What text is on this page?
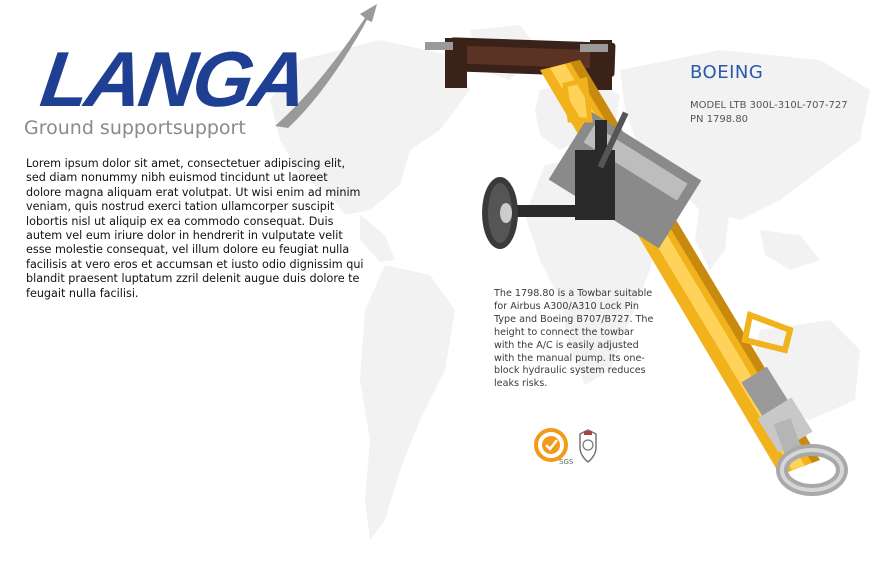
LANGA
Ground supportsupport

Lorem ipsum dolor sit amet, consectetuer adipiscing elit, sed diam nonummy nibh euismod tincidunt ut laoreet dolore magna aliquam erat volutpat. Ut wisi enim ad minim veniam, quis nostrud exerci tation ullamcorper suscipit lobortis nisl ut aliquip ex ea commodo consequat. Duis autem vel eum iriure dolor in hendrerit in vulputate velit esse molestie consequat, vel illum dolore eu feugiat nulla facilisis at vero eros et accumsan et iusto odio dignissim qui blandit praesent luptatum zzril delenit augue duis dolore te feugait nulla facilisi.

BOEING
MODEL LTB 300L-310L-707-727
PN 1798.80

The 1798.80 is a Towbar suitable for Airbus A300/A310 Lock Pin Type and Boeing B707/B727. The height to connect the towbar with the A/C is easily adjusted with the manual pump. Its one-block hydraulic system reduces leaks risks.

SGS
